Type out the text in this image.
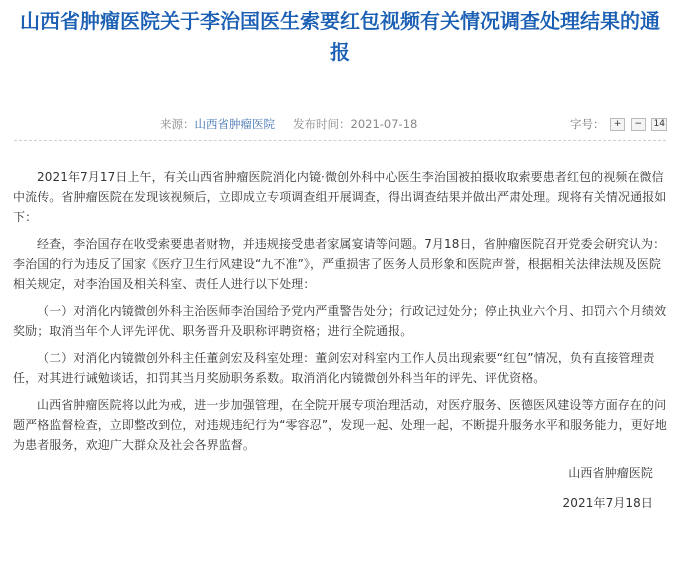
山西省肿瘤医院关于李治国医生索要红包视频有关情况调查处理结果的通报
来源：山西省肿瘤医院 发布时间：2021-07-18	字号： + − 14

2021年7月17日上午，有关山西省肿瘤医院消化内镜·微创外科中心医生李治国被拍摄收取索要患者红包的视频在微信中流传。省肿瘤医院在发现该视频后，立即成立专项调查组开展调查，得出调查结果并做出严肃处理。现将有关情况通报如下：

经查，李治国存在收受索要患者财物，并违规接受患者家属宴请等问题。7月18日，省肿瘤医院召开党委会研究认为：李治国的行为违反了国家《医疗卫生行风建设“九不准”》，严重损害了医务人员形象和医院声誉，根据相关法律法规及医院相关规定，对李治国及相关科室、责任人进行以下处理：

（一）对消化内镜微创外科主治医师李治国给予党内严重警告处分；行政记过处分；停止执业六个月、扣罚六个月绩效奖励；取消当年个人评先评优、职务晋升及职称评聘资格；进行全院通报。

（二）对消化内镜微创外科主任董剑宏及科室处理：董剑宏对科室内工作人员出现索要“红包”情况，负有直接管理责任，对其进行诫勉谈话，扣罚其当月奖励职务系数。取消消化内镜微创外科当年的评先、评优资格。

山西省肿瘤医院将以此为戒，进一步加强管理，在全院开展专项治理活动，对医疗服务、医德医风建设等方面存在的问题严格监督检查，立即整改到位，对违规违纪行为“零容忍”，发现一起、处理一起，不断提升服务水平和服务能力，更好地为患者服务，欢迎广大群众及社会各界监督。

山西省肿瘤医院

2021年7月18日
